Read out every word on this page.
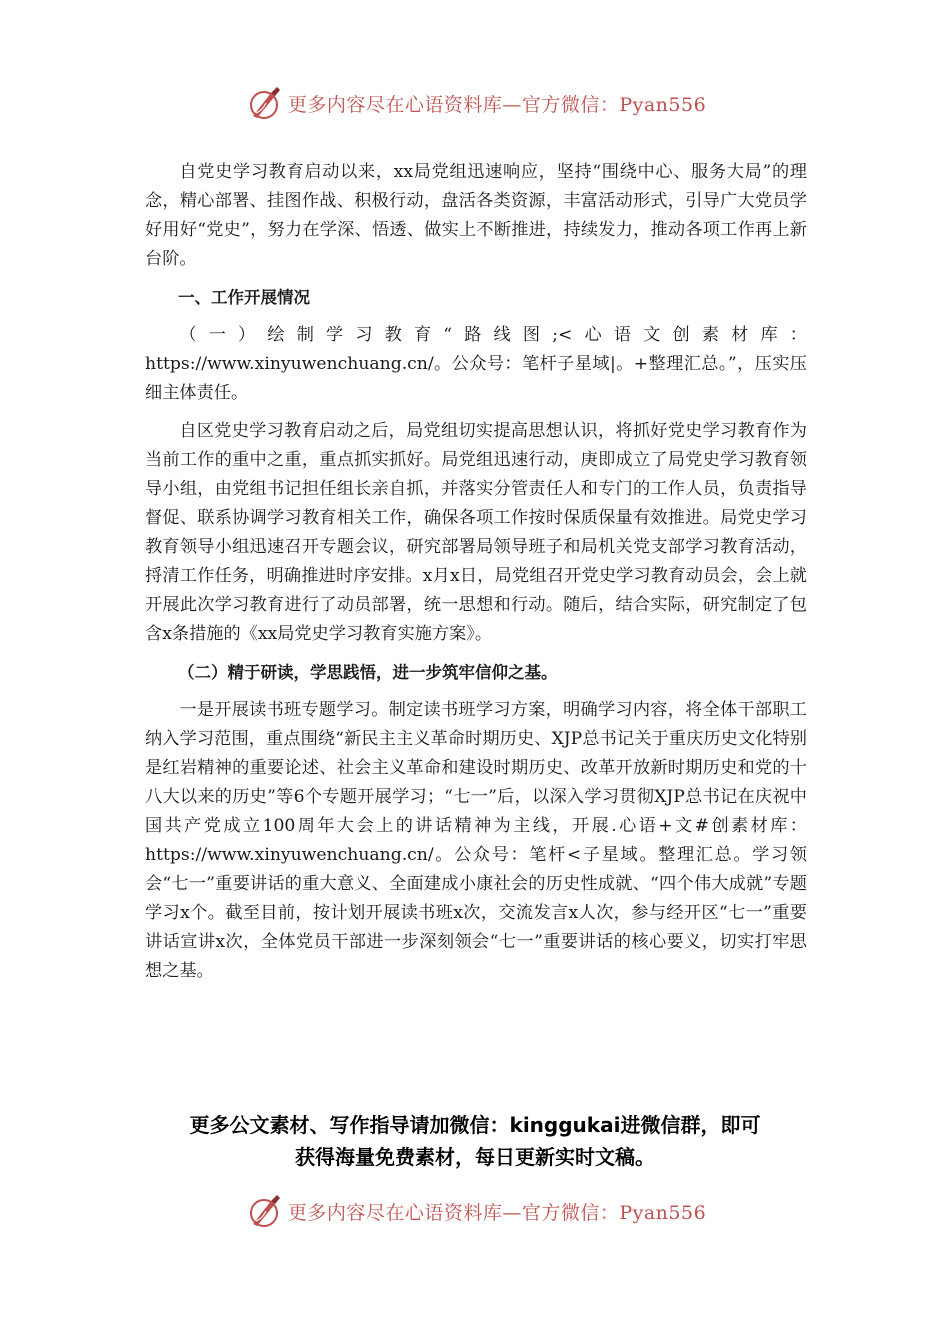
更多内容尽在心语资料库—官方微信：Pyan556

自党史学习教育启动以来，xx局党组迅速响应，坚持“围绕中心、服务大局”的理念，精心部署、挂图作战、积极行动，盘活各类资源，丰富活动形式，引导广大党员学好用好“党史”，努力在学深、悟透、做实上不断推进，持续发力，推动各项工作再上新台阶。

一、工作开展情况

（一）绘制学习教育“路线图;<心语文创素材库：https://www.xinyuwenchuang.cn/。公众号：笔杆子星域|。+整理汇总。”，压实压细主体责任。

自区党史学习教育启动之后，局党组切实提高思想认识，将抓好党史学习教育作为当前工作的重中之重，重点抓实抓好。局党组迅速行动，庚即成立了局党史学习教育领导小组，由党组书记担任组长亲自抓，并落实分管责任人和专门的工作人员，负责指导督促、联系协调学习教育相关工作，确保各项工作按时保质保量有效推进。局党史学习教育领导小组迅速召开专题会议，研究部署局领导班子和局机关党支部学习教育活动，捋清工作任务，明确推进时序安排。x月x日，局党组召开党史学习教育动员会，会上就开展此次学习教育进行了动员部署，统一思想和行动。随后，结合实际，研究制定了包含x条措施的《xx局党史学习教育实施方案》。

（二）精于研读，学思践悟，进一步筑牢信仰之基。

一是开展读书班专题学习。制定读书班学习方案，明确学习内容，将全体干部职工纳入学习范围，重点围绕“新民主主义革命时期历史、XJP总书记关于重庆历史文化特别是红岩精神的重要论述、社会主义革命和建设时期历史、改革开放新时期历史和党的十八大以来的历史”等6个专题开展学习；“七一”后，以深入学习贯彻XJP总书记在庆祝中国共产党成立100周年大会上的讲话精神为主线，开展.心语+文#创素材库：https://www.xinyuwenchuang.cn/。公众号：笔杆<子星域。整理汇总。学习领会“七一”重要讲话的重大意义、全面建成小康社会的历史性成就、“四个伟大成就”专题学习x个。截至目前，按计划开展读书班x次，交流发言x人次，参与经开区“七一”重要讲话宣讲x次，全体党员干部进一步深刻领会“七一”重要讲话的核心要义，切实打牢思想之基。

更多公文素材、写作指导请加微信：kinggukai进微信群，即可
获得海量免费素材，每日更新实时文稿。
更多内容尽在心语资料库—官方微信：Pyan556
